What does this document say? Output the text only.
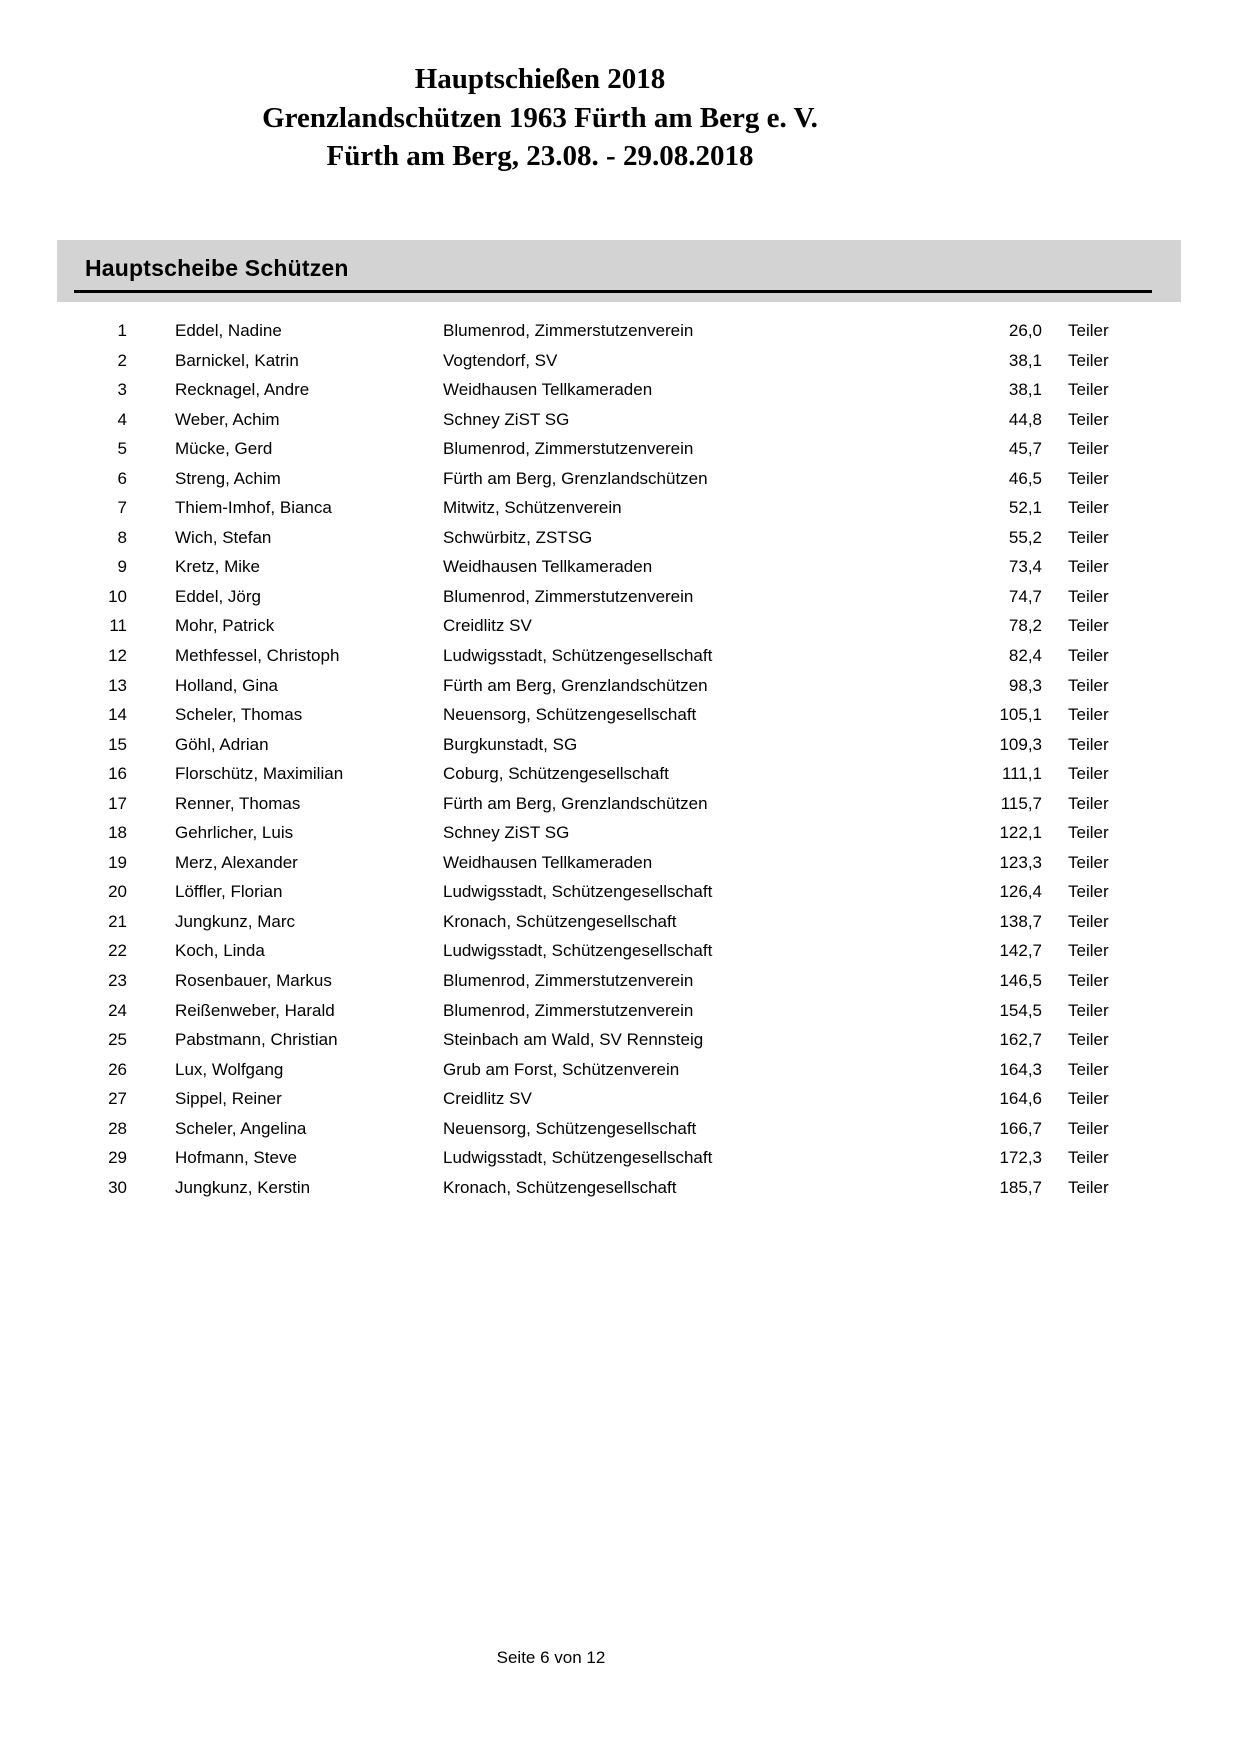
Hauptschießen 2018
Grenzlandschützen 1963 Fürth am Berg e. V.
Fürth am Berg, 23.08. - 29.08.2018
Hauptscheibe Schützen
1	Eddel, Nadine	Blumenrod, Zimmerstutzenverein	26,0 Teiler
2	Barnickel, Katrin	Vogtendorf, SV	38,1 Teiler
3	Recknagel, Andre	Weidhausen Tellkameraden	38,1 Teiler
4	Weber, Achim	Schney ZiST SG	44,8 Teiler
5	Mücke, Gerd	Blumenrod, Zimmerstutzenverein	45,7 Teiler
6	Streng, Achim	Fürth am Berg, Grenzlandschützen	46,5 Teiler
7	Thiem-Imhof, Bianca	Mitwitz, Schützenverein	52,1 Teiler
8	Wich, Stefan	Schwürbitz, ZSTSG	55,2 Teiler
9	Kretz, Mike	Weidhausen Tellkameraden	73,4 Teiler
10	Eddel, Jörg	Blumenrod, Zimmerstutzenverein	74,7 Teiler
11	Mohr, Patrick	Creidlitz SV	78,2 Teiler
12	Methfessel, Christoph	Ludwigsstadt, Schützengesellschaft	82,4 Teiler
13	Holland, Gina	Fürth am Berg, Grenzlandschützen	98,3 Teiler
14	Scheler, Thomas	Neuensorg, Schützengesellschaft	105,1 Teiler
15	Göhl, Adrian	Burgkunstadt, SG	109,3 Teiler
16	Florschütz, Maximilian	Coburg, Schützengesellschaft	111,1 Teiler
17	Renner, Thomas	Fürth am Berg, Grenzlandschützen	115,7 Teiler
18	Gehrlicher, Luis	Schney ZiST SG	122,1 Teiler
19	Merz, Alexander	Weidhausen Tellkameraden	123,3 Teiler
20	Löffler, Florian	Ludwigsstadt, Schützengesellschaft	126,4 Teiler
21	Jungkunz, Marc	Kronach, Schützengesellschaft	138,7 Teiler
22	Koch, Linda	Ludwigsstadt, Schützengesellschaft	142,7 Teiler
23	Rosenbauer, Markus	Blumenrod, Zimmerstutzenverein	146,5 Teiler
24	Reißenweber, Harald	Blumenrod, Zimmerstutzenverein	154,5 Teiler
25	Pabstmann, Christian	Steinbach am Wald, SV Rennsteig	162,7 Teiler
26	Lux, Wolfgang	Grub am Forst, Schützenverein	164,3 Teiler
27	Sippel, Reiner	Creidlitz SV	164,6 Teiler
28	Scheler, Angelina	Neuensorg, Schützengesellschaft	166,7 Teiler
29	Hofmann, Steve	Ludwigsstadt, Schützengesellschaft	172,3 Teiler
30	Jungkunz, Kerstin	Kronach, Schützengesellschaft	185,7 Teiler
Seite 6 von 12
